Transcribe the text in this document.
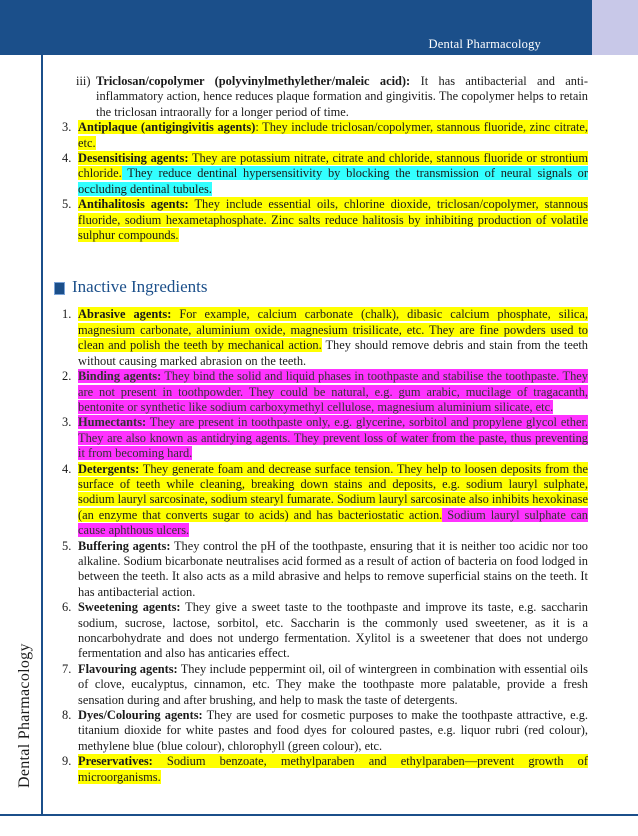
Dental Pharmacology
Dental Pharmacology
iii) Triclosan/copolymer (polyvinylmethylether/maleic acid): It has antibacterial and anti-inflammatory action, hence reduces plaque formation and gingivitis. The copolymer helps to retain the triclosan intraorally for a longer period of time.
3. Antiplaque (antigingivitis agents): They include triclosan/copolymer, stannous fluoride, zinc citrate, etc.
4. Desensitising agents: They are potassium nitrate, citrate and chloride, stannous fluoride or strontium chloride. They reduce dentinal hypersensitivity by blocking the transmission of neural signals or occluding dentinal tubules.
5. Antihalitosis agents: They include essential oils, chlorine dioxide, triclosan/copolymer, stannous fluoride, sodium hexametaphosphate. Zinc salts reduce halitosis by inhibiting production of volatile sulphur compounds.
Inactive Ingredients
1. Abrasive agents: For example, calcium carbonate (chalk), dibasic calcium phosphate, silica, magnesium carbonate, aluminium oxide, magnesium trisilicate, etc. They are fine powders used to clean and polish the teeth by mechanical action. They should remove debris and stain from the teeth without causing marked abrasion on the teeth.
2. Binding agents: They bind the solid and liquid phases in toothpaste and stabilise the toothpaste. They are not present in toothpowder. They could be natural, e.g. gum arabic, mucilage of tragacanth, bentonite or synthetic like sodium carboxymethyl cellulose, magnesium aluminium silicate, etc.
3. Humectants: They are present in toothpaste only, e.g. glycerine, sorbitol and propylene glycol ether. They are also known as antidrying agents. They prevent loss of water from the paste, thus preventing it from becoming hard.
4. Detergents: They generate foam and decrease surface tension. They help to loosen deposits from the surface of teeth while cleaning, breaking down stains and deposits, e.g. sodium lauryl sulphate, sodium lauryl sarcosinate, sodium stearyl fumarate. Sodium lauryl sarcosinate also inhibits hexokinase (an enzyme that converts sugar to acids) and has bacteriostatic action. Sodium lauryl sulphate can cause aphthous ulcers.
5. Buffering agents: They control the pH of the toothpaste, ensuring that it is neither too acidic nor too alkaline. Sodium bicarbonate neutralises acid formed as a result of action of bacteria on food lodged in between the teeth. It also acts as a mild abrasive and helps to remove superficial stains on the teeth. It has antibacterial action.
6. Sweetening agents: They give a sweet taste to the toothpaste and improve its taste, e.g. saccharin sodium, sucrose, lactose, sorbitol, etc. Saccharin is the commonly used sweetener, as it is a noncarbohydrate and does not undergo fermentation. Xylitol is a sweetener that does not undergo fermentation and also has anticaries effect.
7. Flavouring agents: They include peppermint oil, oil of wintergreen in combination with essential oils of clove, eucalyptus, cinnamon, etc. They make the toothpaste more palatable, provide a fresh sensation during and after brushing, and help to mask the taste of detergents.
8. Dyes/Colouring agents: They are used for cosmetic purposes to make the toothpaste attractive, e.g. titanium dioxide for white pastes and food dyes for coloured pastes, e.g. liquor rubri (red colour), methylene blue (blue colour), chlorophyll (green colour), etc.
9. Preservatives: Sodium benzoate, methylparaben and ethylparaben—prevent growth of microorganisms.
